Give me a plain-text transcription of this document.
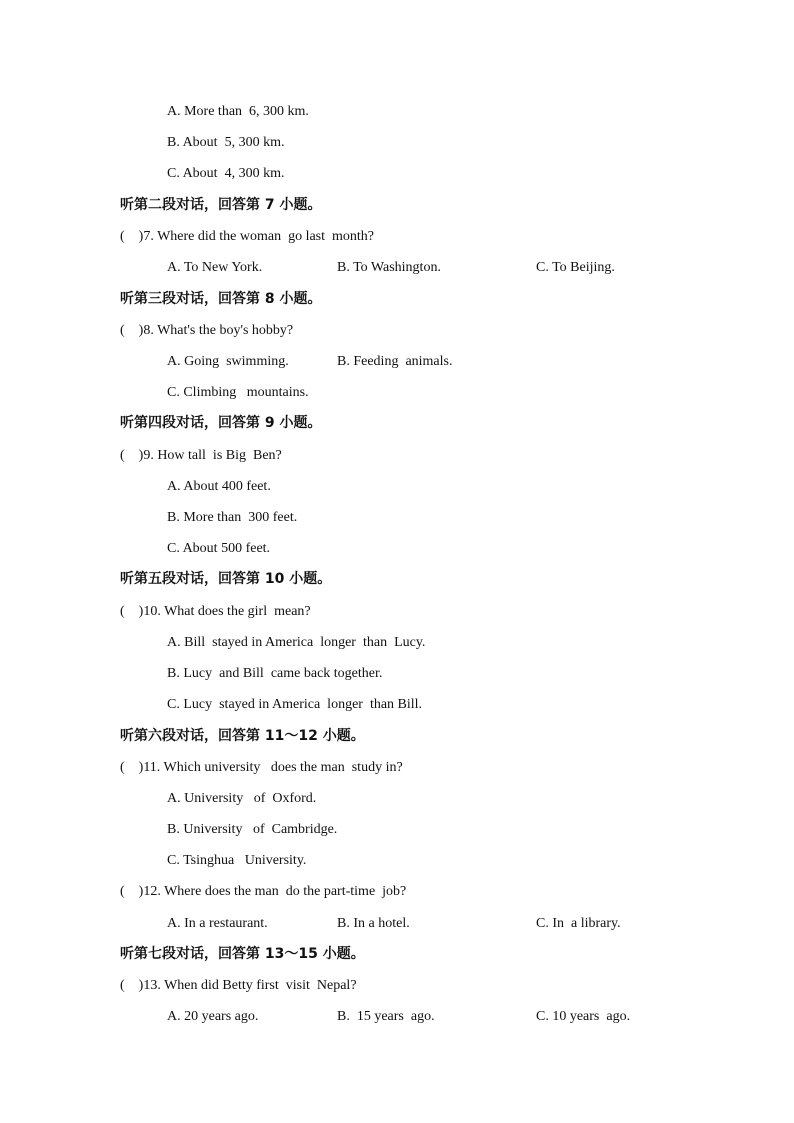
A. More than  6, 300 km.
B. About  5, 300 km.
C. About  4, 300 km.
听第二段对话，回答第 7 小题。
(    )7. Where did the woman  go last  month?
A. To New York.	B. To Washington.	C. To Beijing.
听第三段对话，回答第 8 小题。
(    )8. What's the boy's hobby?
A. Going  swimming.	B. Feeding  animals.
C. Climbing   mountains.
听第四段对话，回答第 9 小题。
(    )9. How tall  is Big  Ben?
A. About 400 feet.
B. More than  300 feet.
C. About 500 feet.
听第五段对话，回答第 10 小题。
(    )10. What does the girl  mean?
A. Bill  stayed in America  longer  than  Lucy.
B. Lucy  and Bill  came back together.
C. Lucy  stayed in America  longer  than Bill.
听第六段对话，回答第 11～12 小题。
(    )11. Which university   does the man  study in?
A. University   of  Oxford.
B. University   of  Cambridge.
C. Tsinghua   University.
(    )12. Where does the man  do the part-time  job?
A. In a restaurant.	B. In a hotel.	C. In  a library.
听第七段对话，回答第 13～15 小题。
(    )13. When did Betty first  visit  Nepal?
A. 20 years ago.	B.  15 years  ago.	C. 10 years  ago.
